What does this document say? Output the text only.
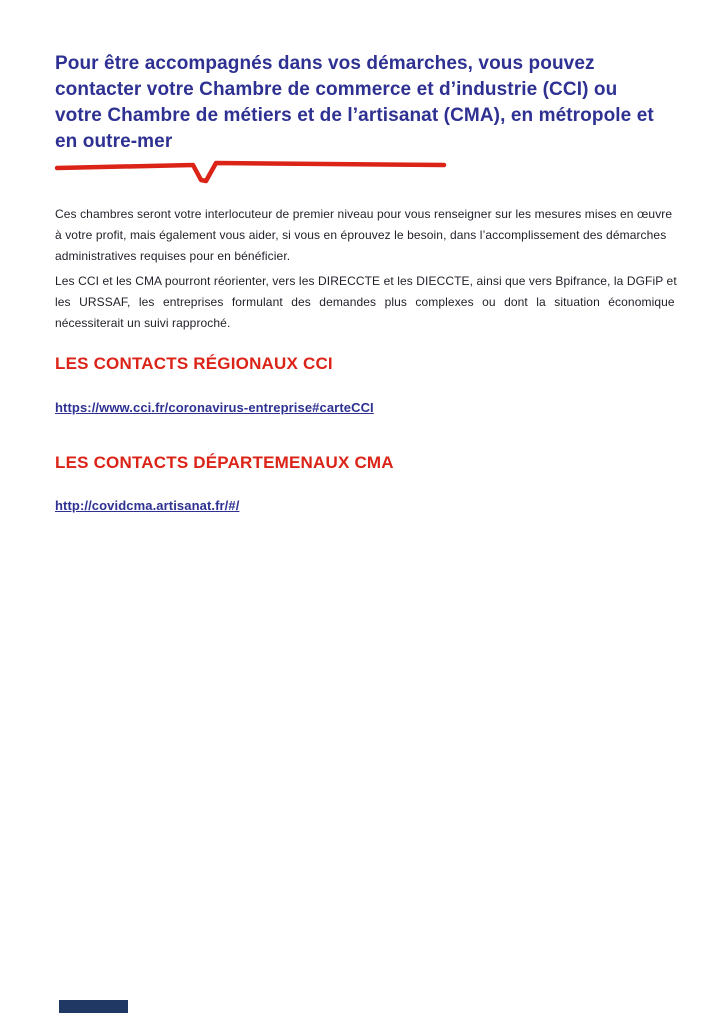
Pour être accompagnés dans vos démarches, vous pouvez
contacter votre Chambre de commerce et d’industrie (CCI) ou
votre Chambre de métiers et de l’artisanat (CMA), en métropole et
en outre-mer
Ces chambres seront votre interlocuteur de premier niveau pour vous renseigner sur les mesures mises en œuvre
à votre profit, mais également vous aider, si vous en éprouvez le besoin, dans l’accomplissement des démarches
administratives requises pour en bénéficier.
Les CCI et les CMA pourront réorienter, vers les DIRECCTE et les DIECCTE, ainsi que vers Bpifrance, la DGFiP et
les URSSAF, les entreprises formulant des demandes plus complexes ou dont la situation économique
nécessiterait un suivi rapproché.
LES CONTACTS RÉGIONAUX CCI
https://www.cci.fr/coronavirus-entreprise#carteCCI
LES CONTACTS DÉPARTEMENAUX CMA
http://covidcma.artisanat.fr/#/
